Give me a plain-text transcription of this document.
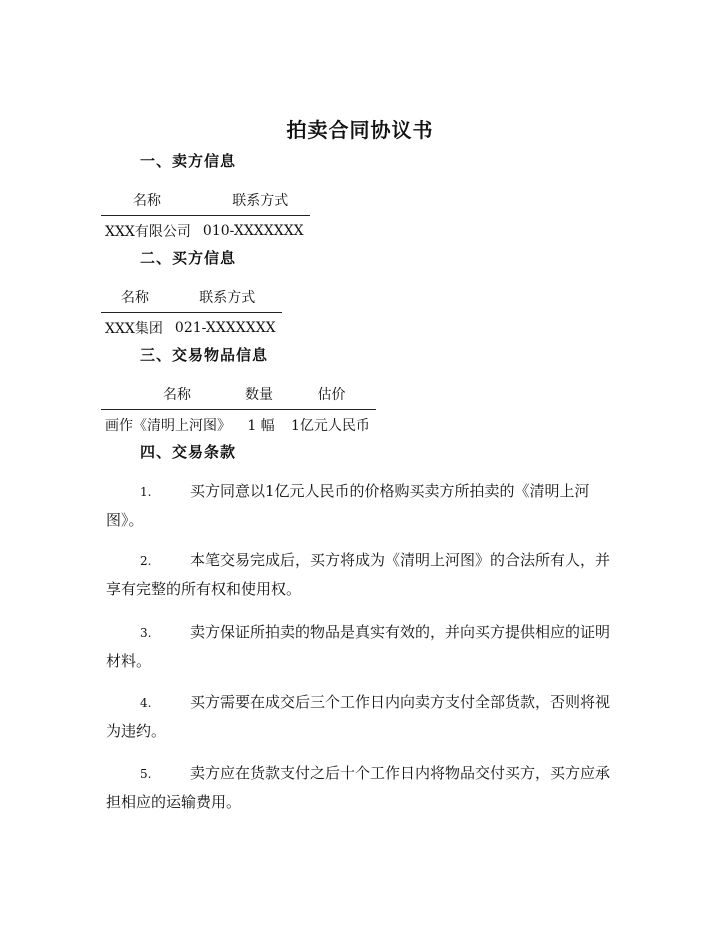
拍卖合同协议书
一、卖方信息
名称	联系方式
XXX有限公司	010-XXXXXXX
二、买方信息
名称	联系方式
XXX集团	021-XXXXXXX
三、交易物品信息
名称	数量	估价
画作《清明上河图》	1 幅	1亿元人民币
四、交易条款
1.	买方同意以1亿元人民币的价格购买卖方所拍卖的《清明上河图》。
2.	本笔交易完成后，买方将成为《清明上河图》的合法所有人，并享有完整的所有权和使用权。
3.	卖方保证所拍卖的物品是真实有效的，并向买方提供相应的证明材料。
4.	买方需要在成交后三个工作日内向卖方支付全部货款，否则将视为违约。
5.	卖方应在货款支付之后十个工作日内将物品交付买方，买方应承担相应的运输费用。
